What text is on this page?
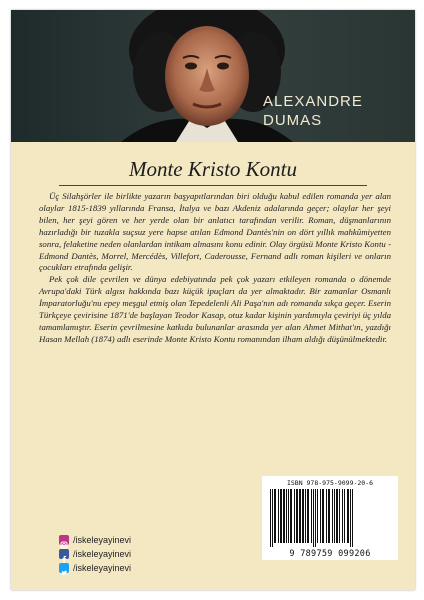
ALEXANDRE
DUMAS
Monte Kristo Kontu

Üç Silahşörler ile birlikte yazarın başyapıtlarından biri olduğu kabul edilen romanda yer alan olaylar 1815-1839 yıllarında Fransa, İtalya ve bazı Akdeniz adalarında geçer; olaylar her şeyi bilen, her şeyi gören ve her yerde olan bir anlatıcı tarafından verilir. Roman, düşmanlarının hazırladığı bir tuzakla suçsuz yere hapse atılan Edmond Dantès'nin on dört yıllık mahkûmiyetten sonra, felaketine neden olanlardan intikam almasını konu edinir. Olay örgüsü Monte Kristo Kontu - Edmond Dantès, Morrel, Mercédès, Villefort, Caderousse, Fernand adlı roman kişileri ve onların çocukları etrafında gelişir.

Pek çok dile çevrilen ve dünya edebiyatında pek çok yazarı etkileyen romanda o dönemde Avrupa'daki Türk algısı hakkında bazı küçük ipuçları da yer almaktadır. Bir zamanlar Osmanlı İmparatorluğu'nu epey meşgul etmiş olan Tepedelenli Ali Paşa'nın adı romanda sıkça geçer. Eserin Türkçeye çevirisine 1871'de başlayan Teodor Kasap, otuz kadar kişinin yardımıyla çeviriyi üç yılda tamamlamıştır. Eserin çevrilmesine katkıda bulunanlar arasında yer alan Ahmet Mithat'ın, yazdığı Hasan Mellah (1874) adlı eserinde Monte Kristo Kontu romanından ilham aldığı düşünülmektedir.

/iskeleyayinevi
/iskeleyayinevi
/iskeleyayinevi
ISBN 978-975-9099-20-6
9 789759 099206
